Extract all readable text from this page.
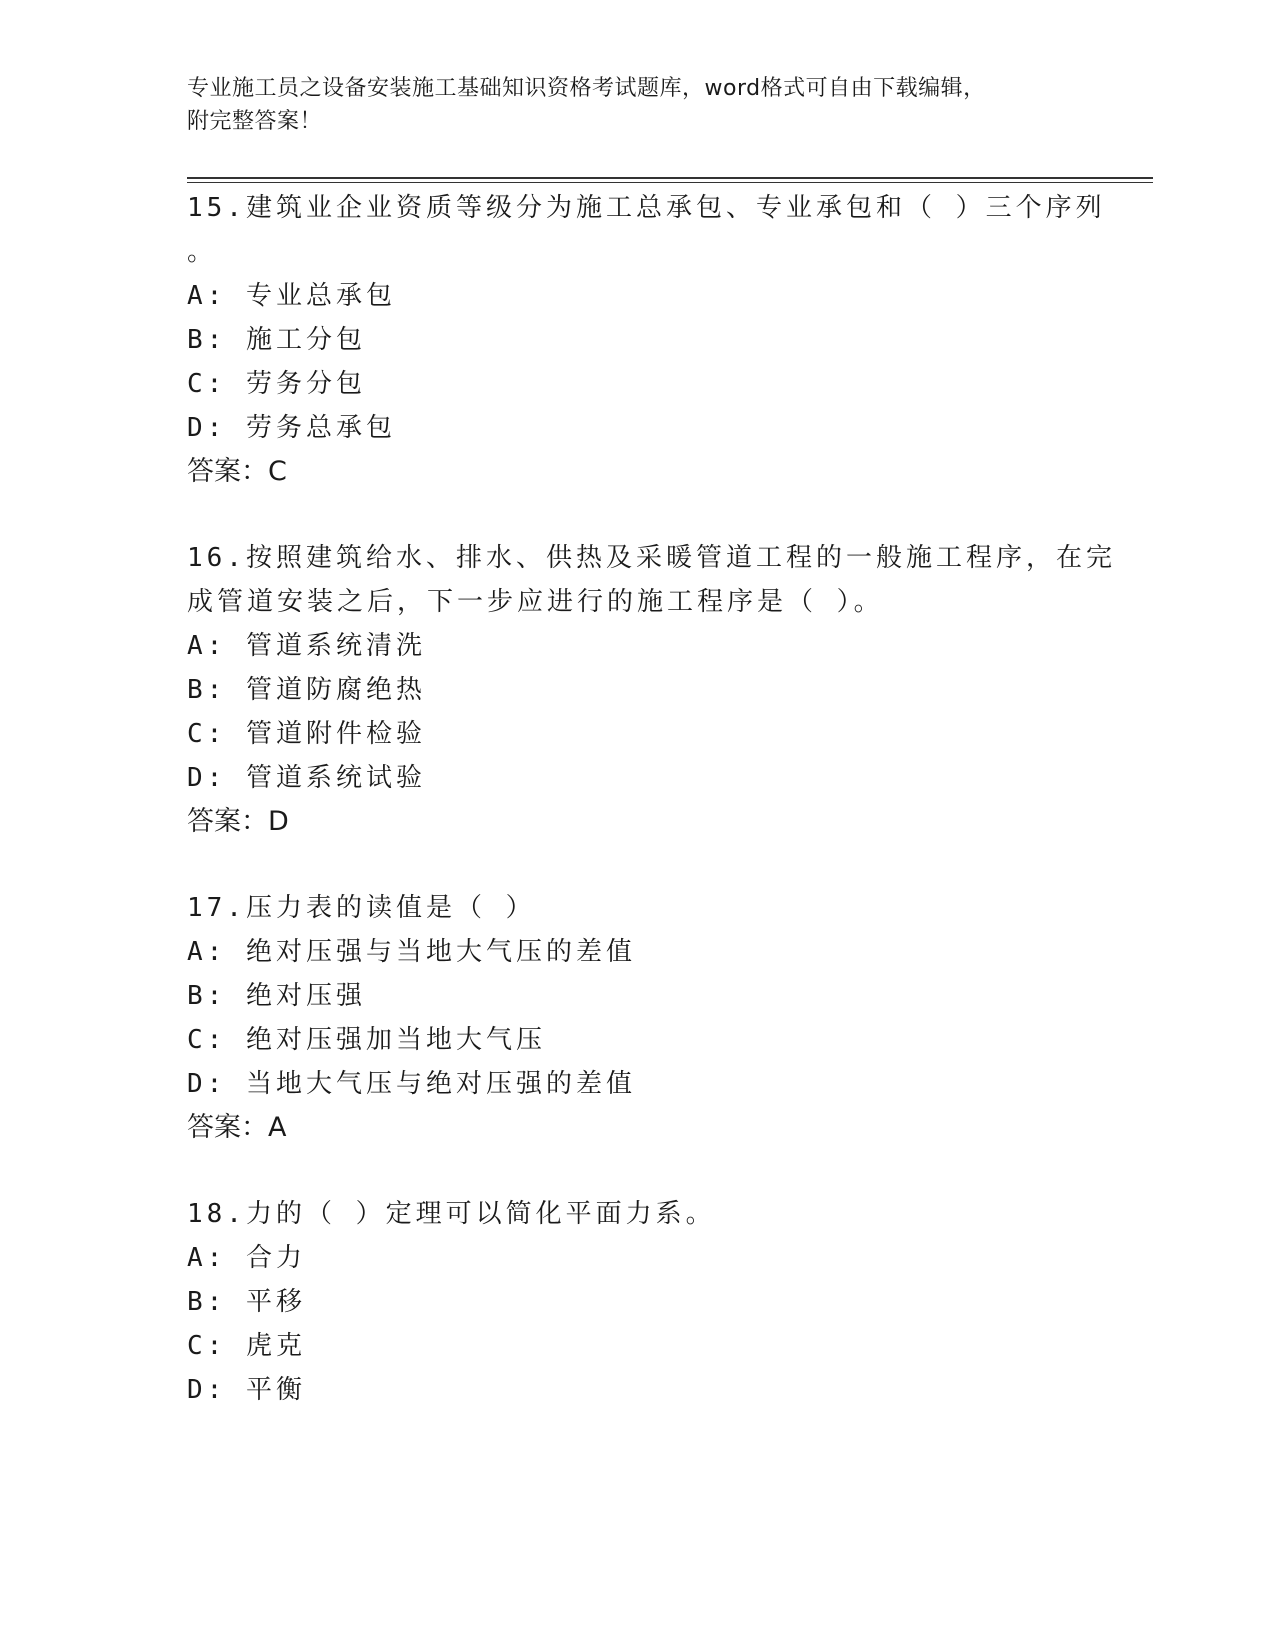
专业施工员之设备安装施工基础知识资格考试题库，word格式可自由下载编辑，
附完整答案！
15.建筑业企业资质等级分为施工总承包、专业承包和（ ）三个序列
。
A: 专业总承包
B: 施工分包
C: 劳务分包
D: 劳务总承包
答案：C
16.按照建筑给水、排水、供热及采暖管道工程的一般施工程序，在完
成管道安装之后，下一步应进行的施工程序是（ ）。
A: 管道系统清洗
B: 管道防腐绝热
C: 管道附件检验
D: 管道系统试验
答案：D
17.压力表的读值是（ ）
A: 绝对压强与当地大气压的差值
B: 绝对压强
C: 绝对压强加当地大气压
D: 当地大气压与绝对压强的差值
答案：A
18.力的（ ）定理可以简化平面力系。
A: 合力
B: 平移
C: 虎克
D: 平衡
